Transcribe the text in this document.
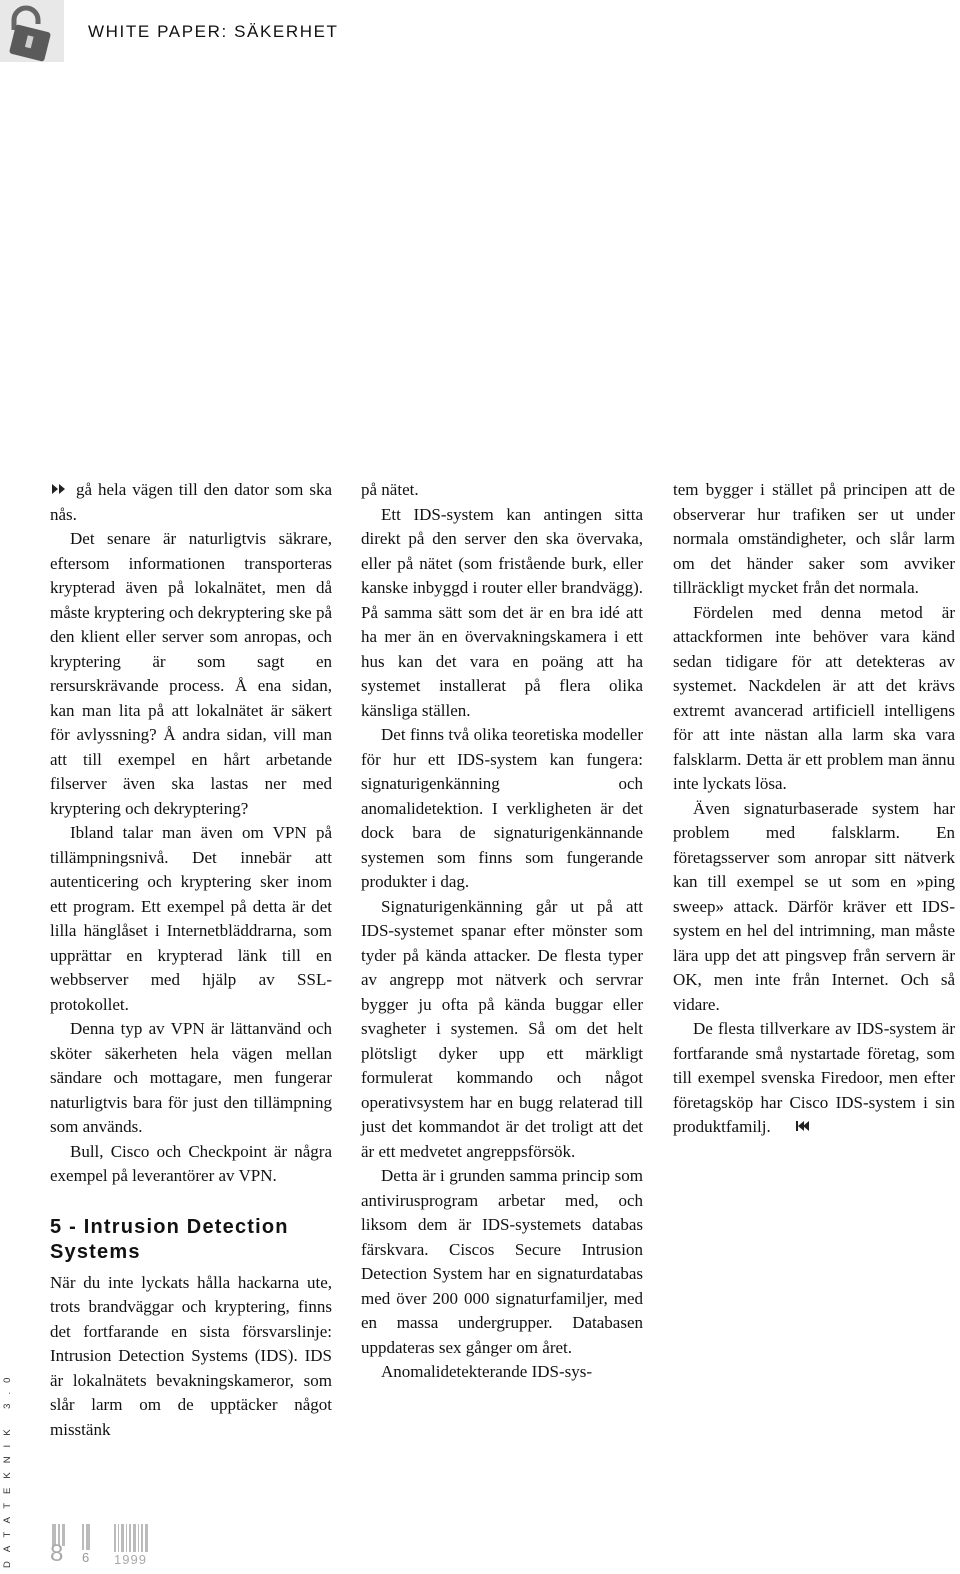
WHITE PAPER: SÄKERHET

gå hela vägen till den dator som ska nås.

Det senare är naturligtvis säkrare, eftersom informationen transporteras krypterad även på lokalnätet, men då måste kryptering och dekryptering ske på den klient eller server som anropas, och kryptering är som sagt en rersurskrävande process. Å ena sidan, kan man lita på att lokalnätet är säkert för avlyssning? Å andra sidan, vill man att till exempel en hårt arbetande filserver även ska lastas ner med kryptering och dekryptering?

Ibland talar man även om VPN på tillämpningsnivå. Det innebär att autenticering och kryptering sker inom ett program. Ett exempel på detta är det lilla hänglåset i Internetbläddrarna, som upprättar en krypterad länk till en webbserver med hjälp av SSL-protokollet.

Denna typ av VPN är lättanvänd och sköter säkerheten hela vägen mellan sändare och mottagare, men fungerar naturligtvis bara för just den tillämpning som används.

Bull, Cisco och Checkpoint är några exempel på leverantörer av VPN.

5 - Intrusion Detection Systems

När du inte lyckats hålla hackarna ute, trots brandväggar och kryptering, finns det fortfarande en sista försvarslinje: Intrusion Detection Systems (IDS). IDS är lokalnätets bevakningskameror, som slår larm om de upptäcker något misstänk

på nätet.

Ett IDS-system kan antingen sitta direkt på den server den ska övervaka, eller på nätet (som fristående burk, eller kanske inbyggd i router eller brandvägg). På samma sätt som det är en bra idé att ha mer än en övervakningskamera i ett hus kan det vara en poäng att ha systemet installerat på flera olika känsliga ställen.

Det finns två olika teoretiska modeller för hur ett IDS-system kan fungera: signaturigenkänning och anomalidetektion. I verkligheten är det dock bara de signaturigenkännande systemen som finns som fungerande produkter i dag.

Signaturigenkänning går ut på att IDS-systemet spanar efter mönster som tyder på kända attacker. De flesta typer av angrepp mot nätverk och servrar bygger ju ofta på kända buggar eller svagheter i systemen. Så om det helt plötsligt dyker upp ett märkligt formulerat kommando och något operativsystem har en bugg relaterad till just det kommandot är det troligt att det är ett medvetet angreppsförsök.

Detta är i grunden samma princip som antivirusprogram arbetar med, och liksom dem är IDS-systemets databas färskvara. Ciscos Secure Intrusion Detection System har en signaturdatabas med över 200 000 signaturfamiljer, med en massa undergrupper. Databasen uppdateras sex gånger om året.

Anomalidetekterande IDS-sys-

tem bygger i stället på principen att de observerar hur trafiken ser ut under normala omständigheter, och slår larm om det händer saker som avviker tillräckligt mycket från det normala.

Fördelen med denna metod är attackformen inte behöver vara känd sedan tidigare för att detekteras av systemet. Nackdelen är att det krävs extremt avancerad artificiell intelligens för att inte nästan alla larm ska vara falsklarm. Detta är ett problem man ännu inte lyckats lösa.

Även signaturbaserade system har problem med falsklarm. En företagsserver som anropar sitt nätverk kan till exempel se ut som en »ping sweep» attack. Därför kräver ett IDS-system en hel del intrimning, man måste lära upp det att pingsvep från servern är OK, men inte från Internet. Och så vidare.

De flesta tillverkare av IDS-system är fortfarande små nystartade företag, som till exempel svenska Firedoor, men efter företagsköp har Cisco IDS-system i sin produktfamilj.

DATATEKNIK 3.0 8 6 1999
